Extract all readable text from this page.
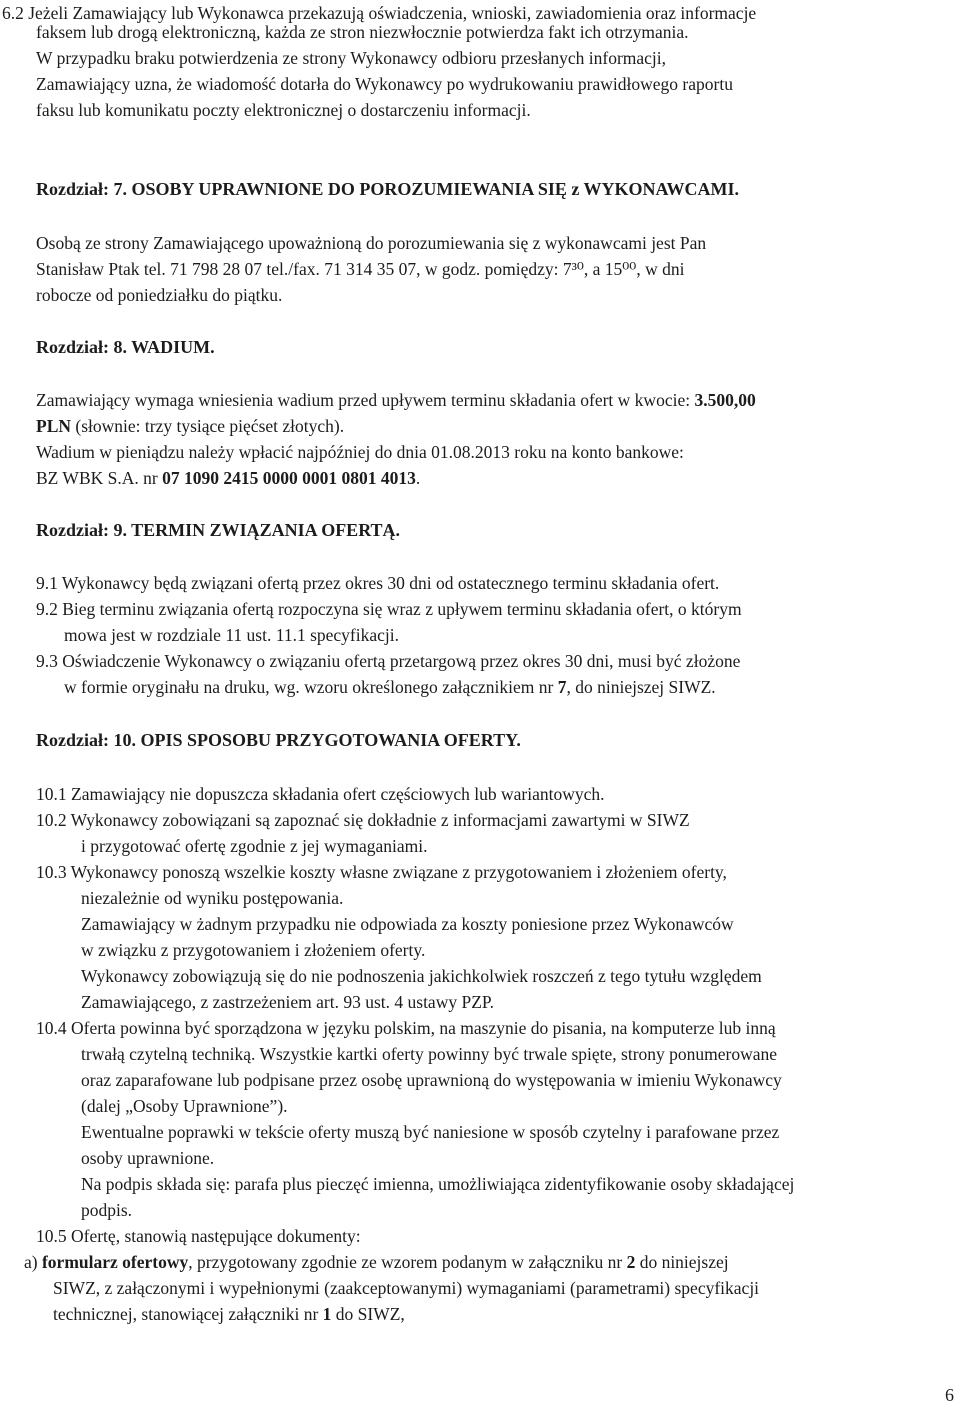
6.2 Jeżeli Zamawiający lub Wykonawca przekazują oświadczenia, wnioski, zawiadomienia oraz informacje
faksem lub drogą elektroniczną, każda ze stron niezwłocznie potwierdza fakt ich otrzymania.
W przypadku braku potwierdzenia ze strony Wykonawcy odbioru przesłanych informacji,
Zamawiający uzna, że wiadomość dotarła do Wykonawcy po wydrukowaniu prawidłowego raportu
faksu lub komunikatu poczty elektronicznej o dostarczeniu informacji.
Rozdział: 7. OSOBY UPRAWNIONE DO POROZUMIEWANIA SIĘ z WYKONAWCAMI.
Osobą ze strony Zamawiającego upoważnioną do porozumiewania się z wykonawcami jest Pan
Stanisław Ptak tel. 71 798 28 07 tel./fax. 71 314 35 07, w godz. pomiędzy: 7³⁰, a 15⁰⁰, w dni
robocze od poniedziałku do piątku.
Rozdział: 8. WADIUM.
Zamawiający wymaga wniesienia wadium przed upływem terminu składania ofert w kwocie: 3.500,00
PLN (słownie: trzy tysiące pięćset złotych).
Wadium w pieniądzu należy wpłacić najpóźniej do dnia 01.08.2013 roku na konto bankowe:
BZ WBK S.A. nr 07 1090 2415 0000 0001 0801 4013.
Rozdział: 9. TERMIN ZWIĄZANIA OFERTĄ.
9.1 Wykonawcy będą związani ofertą przez okres 30 dni od ostatecznego terminu składania ofert.
9.2 Bieg terminu związania ofertą rozpoczyna się wraz z upływem terminu składania ofert, o którym
mowa jest w rozdziale 11 ust. 11.1 specyfikacji.
9.3 Oświadczenie Wykonawcy o związaniu ofertą przetargową przez okres 30 dni, musi być złożone
w formie oryginału na druku, wg. wzoru określonego załącznikiem nr 7, do niniejszej SIWZ.
Rozdział: 10. OPIS SPOSOBU PRZYGOTOWANIA OFERTY.
10.1 Zamawiający nie dopuszcza składania ofert częściowych lub wariantowych.
10.2 Wykonawcy zobowiązani są zapoznać się dokładnie z informacjami zawartymi w SIWZ
i przygotować ofertę zgodnie z jej wymaganiami.
10.3 Wykonawcy ponoszą wszelkie koszty własne związane z przygotowaniem i złożeniem oferty,
niezależnie od wyniku postępowania.
Zamawiający w żadnym przypadku nie odpowiada za koszty poniesione przez Wykonawców
w związku z przygotowaniem i złożeniem oferty.
Wykonawcy zobowiązują się do nie podnoszenia jakichkolwiek roszczeń z tego tytułu względem
Zamawiającego, z zastrzeżeniem art. 93 ust. 4 ustawy PZP.
10.4 Oferta powinna być sporządzona w języku polskim, na maszynie do pisania, na komputerze lub inną
trwałą czytelną techniką. Wszystkie kartki oferty powinny być trwale spięte, strony ponumerowane
oraz zaparafowane lub podpisane przez osobę uprawnioną do występowania w imieniu Wykonawcy
(dalej „Osoby Uprawnione”).
Ewentualne poprawki w tekście oferty muszą być naniesione w sposób czytelny i parafowane przez
osoby uprawnione.
Na podpis składa się: parafa plus pieczęć imienna, umożliwiająca zidentyfikowanie osoby składającej
podpis.
10.5 Ofertę, stanowią następujące dokumenty:
a) formularz ofertowy, przygotowany zgodnie ze wzorem podanym w załączniku nr 2 do niniejszej
SIWZ, z załączonymi i wypełnionymi (zaakceptowanymi) wymaganiami (parametrami) specyfikacji
technicznej, stanowiącej załączniki nr 1 do SIWZ,
6
